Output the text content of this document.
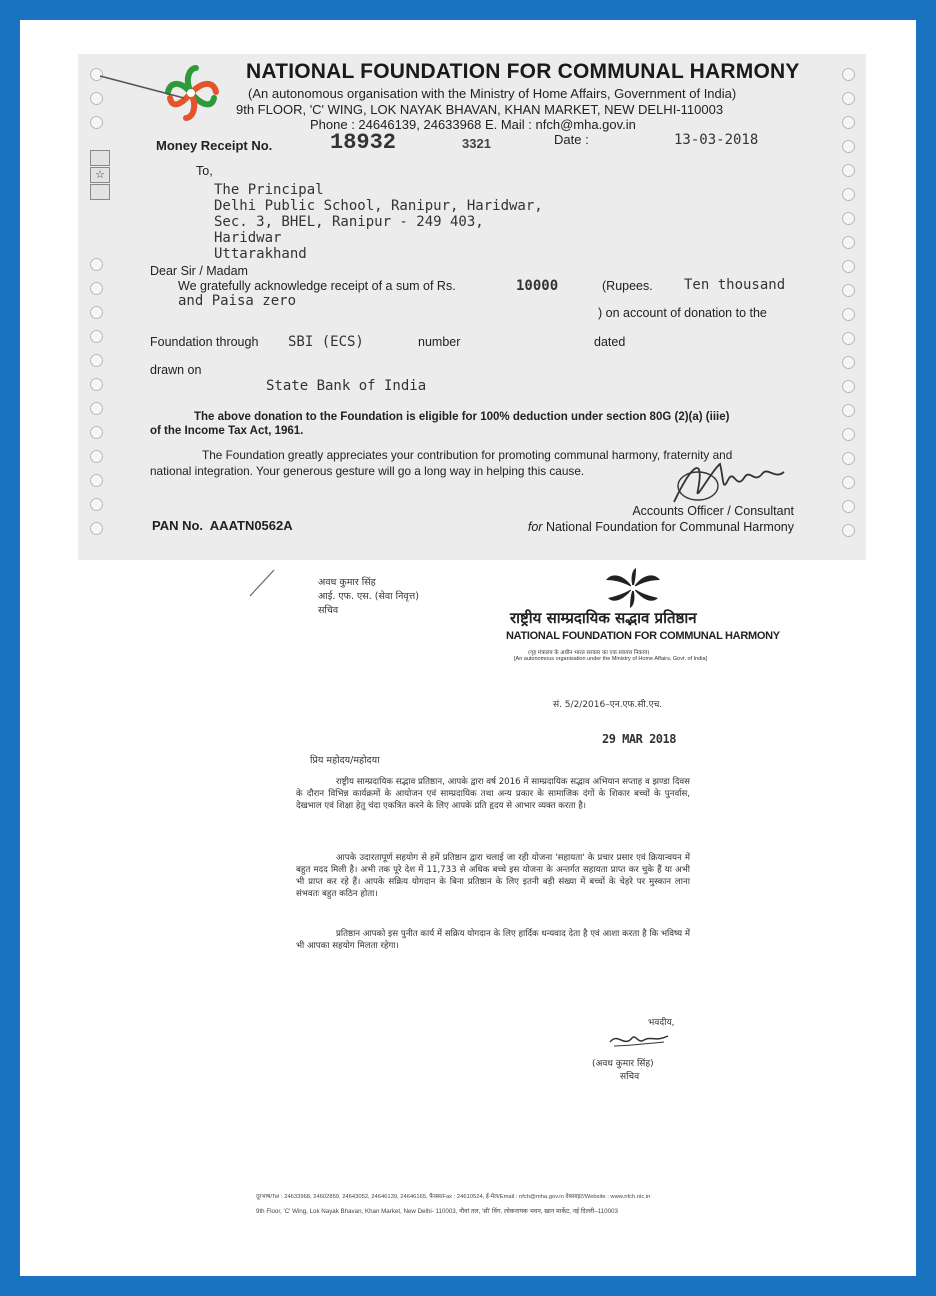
☆
NATIONAL FOUNDATION FOR COMMUNAL HARMONY
(An autonomous organisation with the Ministry of Home Affairs, Government of India)
9th FLOOR, 'C' WING, LOK NAYAK BHAVAN, KHAN MARKET, NEW DELHI-110003
Phone : 24646139, 24633968 E. Mail : nfch@mha.gov.in
Money Receipt No.	18932	3321	Date :	13-03-2018
To,
The Principal
Delhi Public School, Ranipur, Haridwar,
Sec. 3, BHEL, Ranipur - 249 403,
Haridwar
Uttarakhand
Dear Sir / Madam
We gratefully acknowledge receipt of a sum of Rs.	10000	(Rupees. Ten thousand
and Paisa zero
) on account of donation to the
Foundation through SBI (ECS)	number	dated
drawn on
State Bank of India
The above donation to the Foundation is eligible for 100% deduction under section 80G (2)(a) (iiie)
of the Income Tax Act, 1961.
The Foundation greatly appreciates your contribution for promoting communal harmony, fraternity and
national integration. Your generous gesture will go a long way in helping this cause.
Accounts Officer / Consultant
for National Foundation for Communal Harmony
PAN No. AAATN0562A
अवध कुमार सिंह
आई. एफ. एस. (सेवा निवृत्त)
सचिव	राष्ट्रीय साम्प्रदायिक सद्भाव प्रतिष्ठान
NATIONAL FOUNDATION FOR COMMUNAL HARMONY
(गृह मंत्रालय के अधीन भारत सरकार का एक स्वायत्त निकाय)
[An autonomous organisation under the Ministry of Home Affairs, Govt. of India]
सं. 5/2/2016–एन.एफ.सी.एच.
29 MAR 2018
प्रिय महोदय/महोदया
राष्ट्रीय साम्प्रदायिक सद्भाव प्रतिष्ठान, आपके द्वारा वर्ष 2016 में साम्प्रदायिक सद्भाव अभियान सप्ताह व झण्डा दिवस के दौरान विभिन्न कार्यक्रमों के आयोजन एवं साम्प्रदायिक तथा अन्य प्रकार के सामाजिक दंगों के शिकार बच्चों के पुनर्वास, देखभाल एवं शिक्षा हेतु चंदा एकत्रित करने के लिए आपके प्रति हृदय से आभार व्यक्त करता है।
आपके उदारतापूर्ण सहयोग से हमें प्रतिष्ठान द्वारा चलाई जा रही योजना 'सहायता' के प्रचार प्रसार एवं क्रियान्वयन में बहुत मदद मिली है। अभी तक पूरे देश में 11,733 से अधिक बच्चे इस योजना के अन्तर्गत सहायता प्राप्त कर चुके हैं या अभी भी प्राप्त कर रहे हैं। आपके सक्रिय योगदान के बिना प्रतिष्ठान के लिए इतनी बड़ी संख्या में बच्चों के चेहरे पर मुस्कान लाना संभवतः बहुत कठिन होता।
प्रतिष्ठान आपको इस पुनीत कार्य में सक्रिय योगदान के लिए हार्दिक धन्यवाद देता है एवं आशा करता है कि भविष्य में भी आपका सहयोग मिलता रहेगा।
भवदीय,
(अवध कुमार सिंह)
सचिव
दूरभाष/Tel : 24633968, 24602859, 24643052, 24646139, 24646165, फैक्स/Fax : 24610524, ई-मेल/Email : nfch@mha.gov.in वेबसाइट/Website : www.nfch.nic.in
9th Floor, 'C' Wing, Lok Nayak Bhavan, Khan Market, New Delhi- 110003, नौवां तल, 'सी' विंग, लोकनायक भवन, खान मार्केट, नई दिल्ली–110003
